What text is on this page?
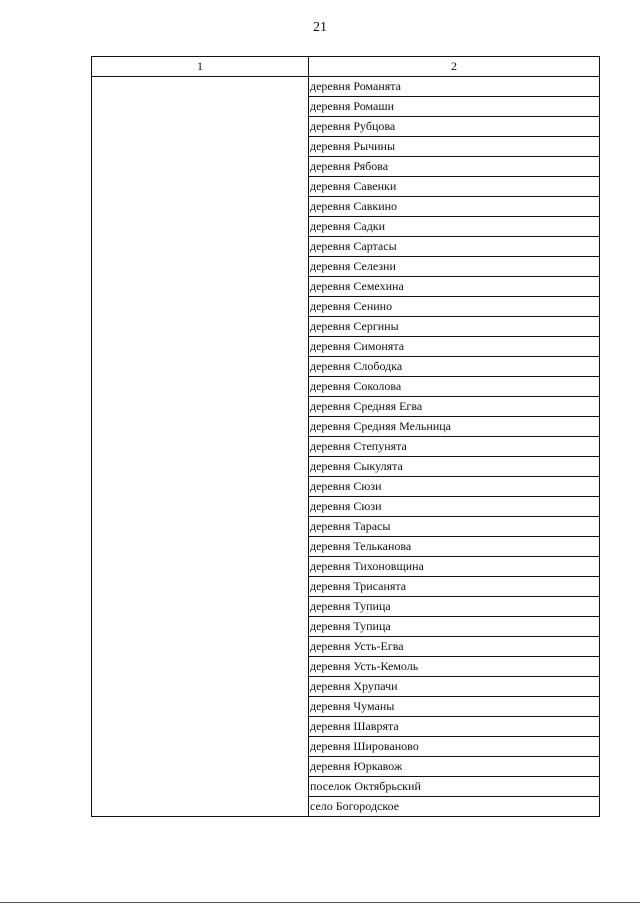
21
1	2
	деревня Романята
	деревня Ромаши
	деревня Рубцова
	деревня Рычины
	деревня Рябова
	деревня Савенки
	деревня Савкино
	деревня Садки
	деревня Сартасы
	деревня Селезни
	деревня Семехина
	деревня Сенино
	деревня Сергины
	деревня Симонята
	деревня Слободка
	деревня Соколова
	деревня Средняя Егва
	деревня Средняя Мельница
	деревня Степунята
	деревня Сыкулята
	деревня Сюзи
	деревня Сюзи
	деревня Тарасы
	деревня Тельканова
	деревня Тихоновщина
	деревня Трисанята
	деревня Тупица
	деревня Тупица
	деревня Усть-Егва
	деревня Усть-Кемоль
	деревня Хрупачи
	деревня Чуманы
	деревня Шаврята
	деревня Шированово
	деревня Юркавож
	поселок Октябрьский
	село Богородское
